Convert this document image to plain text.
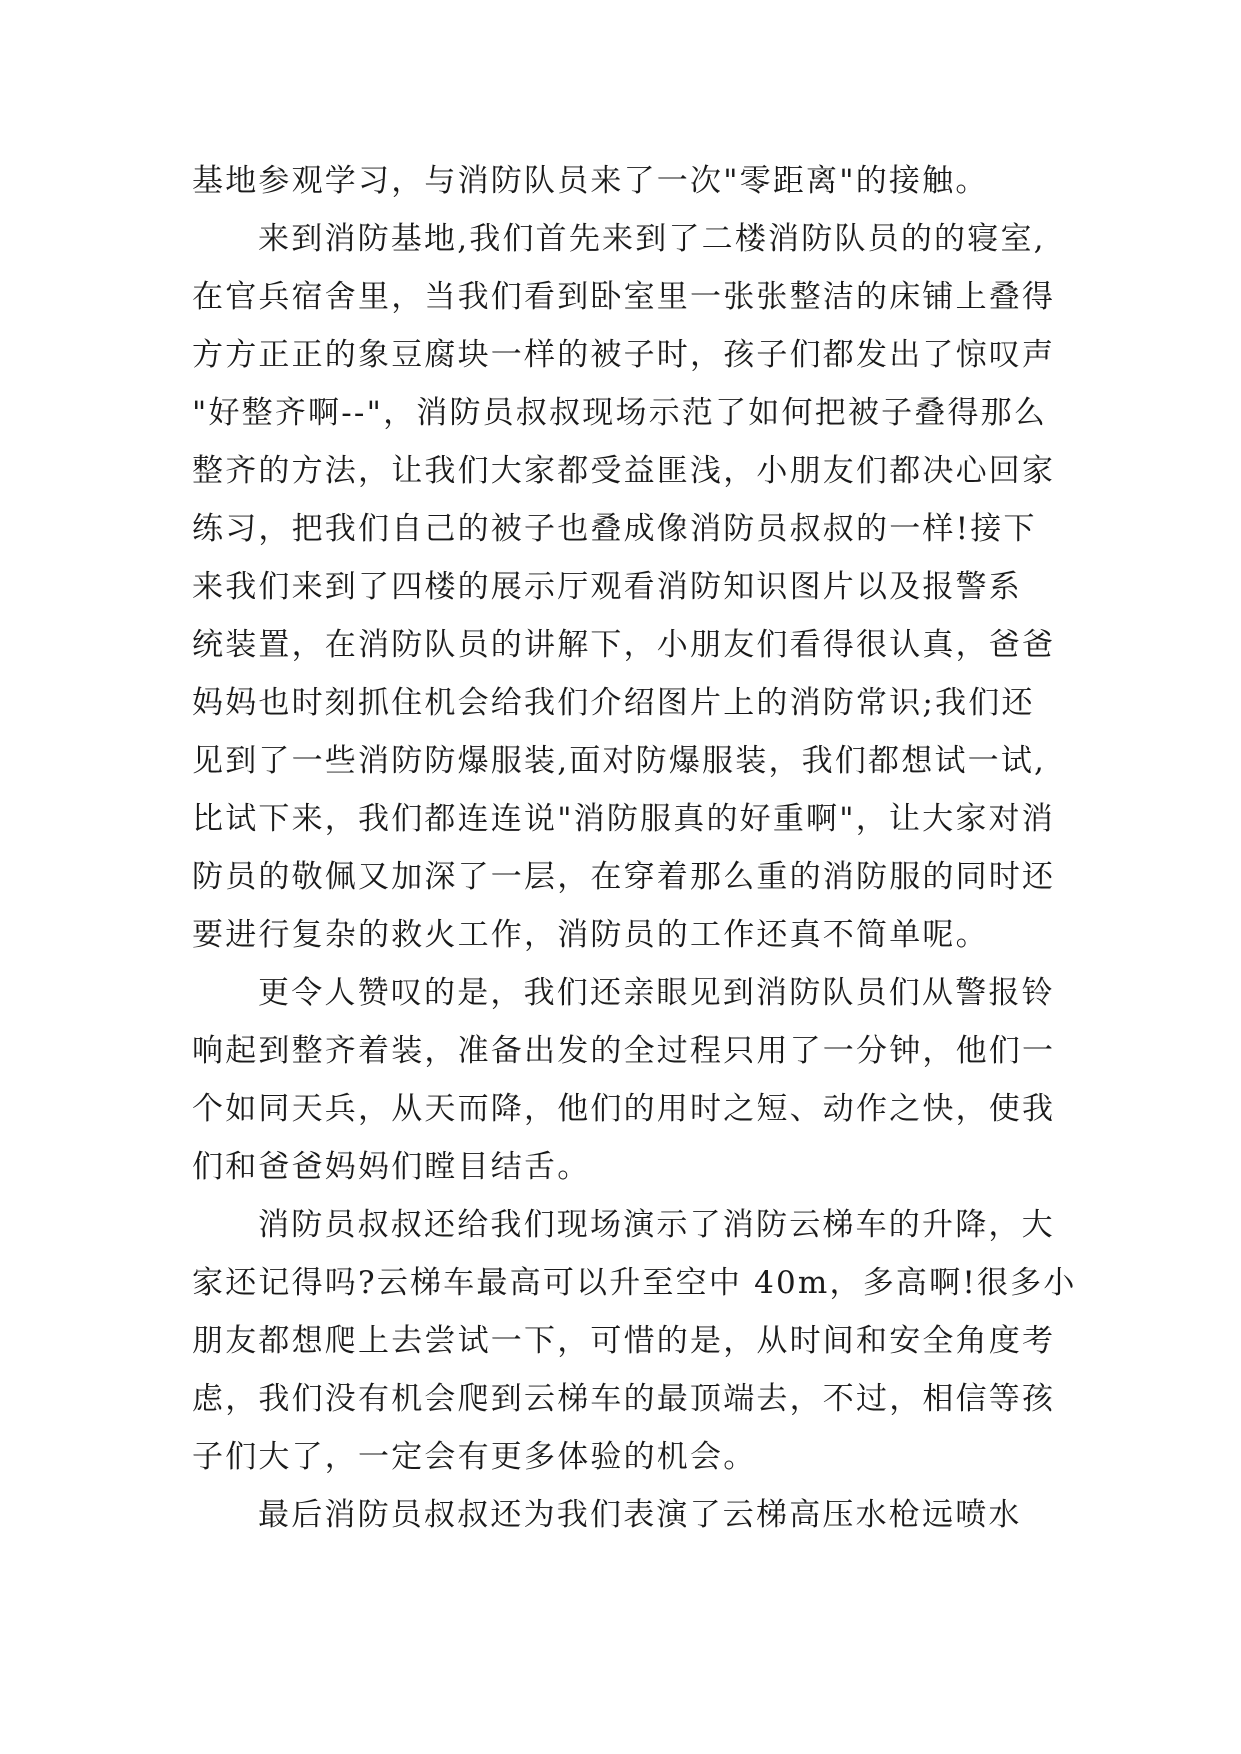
基地参观学习，与消防队员来了一次"零距离"的接触。
来到消防基地,我们首先来到了二楼消防队员的的寝室,
在官兵宿舍里，当我们看到卧室里一张张整洁的床铺上叠得
方方正正的象豆腐块一样的被子时，孩子们都发出了惊叹声
"好整齐啊--"，消防员叔叔现场示范了如何把被子叠得那么
整齐的方法，让我们大家都受益匪浅，小朋友们都决心回家
练习，把我们自己的被子也叠成像消防员叔叔的一样!接下
来我们来到了四楼的展示厅观看消防知识图片以及报警系
统装置，在消防队员的讲解下，小朋友们看得很认真，爸爸
妈妈也时刻抓住机会给我们介绍图片上的消防常识;我们还
见到了一些消防防爆服装,面对防爆服装，我们都想试一试,
比试下来，我们都连连说"消防服真的好重啊"，让大家对消
防员的敬佩又加深了一层，在穿着那么重的消防服的同时还
要进行复杂的救火工作，消防员的工作还真不简单呢。
更令人赞叹的是，我们还亲眼见到消防队员们从警报铃
响起到整齐着装，准备出发的全过程只用了一分钟，他们一
个如同天兵，从天而降，他们的用时之短、动作之快，使我
们和爸爸妈妈们瞠目结舌。
消防员叔叔还给我们现场演示了消防云梯车的升降，大
家还记得吗?云梯车最高可以升至空中 40m，多高啊!很多小
朋友都想爬上去尝试一下，可惜的是，从时间和安全角度考
虑，我们没有机会爬到云梯车的最顶端去，不过，相信等孩
子们大了，一定会有更多体验的机会。
最后消防员叔叔还为我们表演了云梯高压水枪远喷水
